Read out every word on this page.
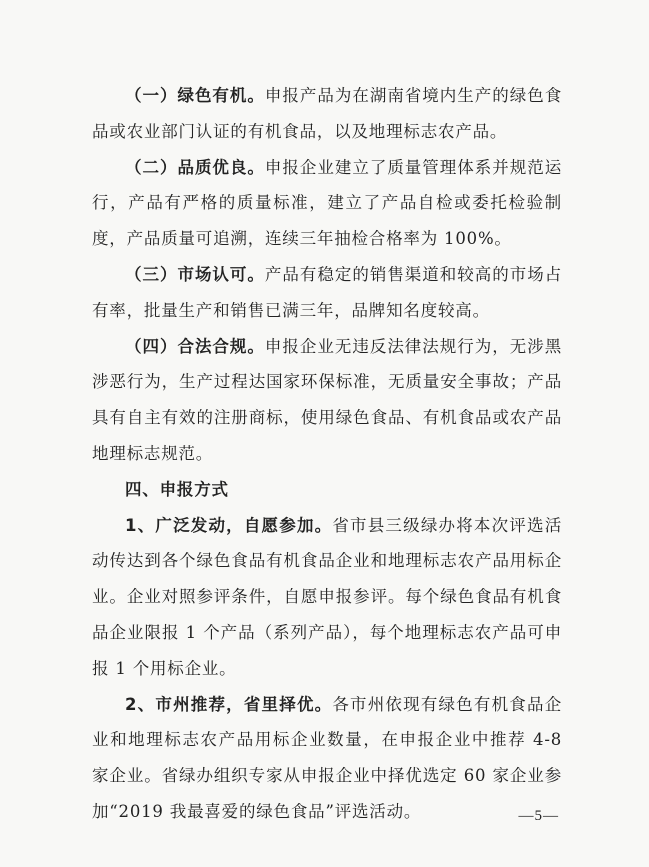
（一）绿色有机。申报产品为在湖南省境内生产的绿色食品或农业部门认证的有机食品，以及地理标志农产品。

（二）品质优良。申报企业建立了质量管理体系并规范运行，产品有严格的质量标准，建立了产品自检或委托检验制度，产品质量可追溯，连续三年抽检合格率为 100%。

（三）市场认可。产品有稳定的销售渠道和较高的市场占有率，批量生产和销售已满三年，品牌知名度较高。

（四）合法合规。申报企业无违反法律法规行为，无涉黑涉恶行为，生产过程达国家环保标准，无质量安全事故；产品具有自主有效的注册商标，使用绿色食品、有机食品或农产品地理标志规范。

四、申报方式

1、广泛发动，自愿参加。省市县三级绿办将本次评选活动传达到各个绿色食品有机食品企业和地理标志农产品用标企业。企业对照参评条件，自愿申报参评。每个绿色食品有机食品企业限报 1 个产品（系列产品），每个地理标志农产品可申报 1 个用标企业。

2、市州推荐，省里择优。各市州依现有绿色有机食品企业和地理标志农产品用标企业数量，在申报企业中推荐 4-8 家企业。省绿办组织专家从申报企业中择优选定 60 家企业参加“2019 我最喜爱的绿色食品”评选活动。	—5—
